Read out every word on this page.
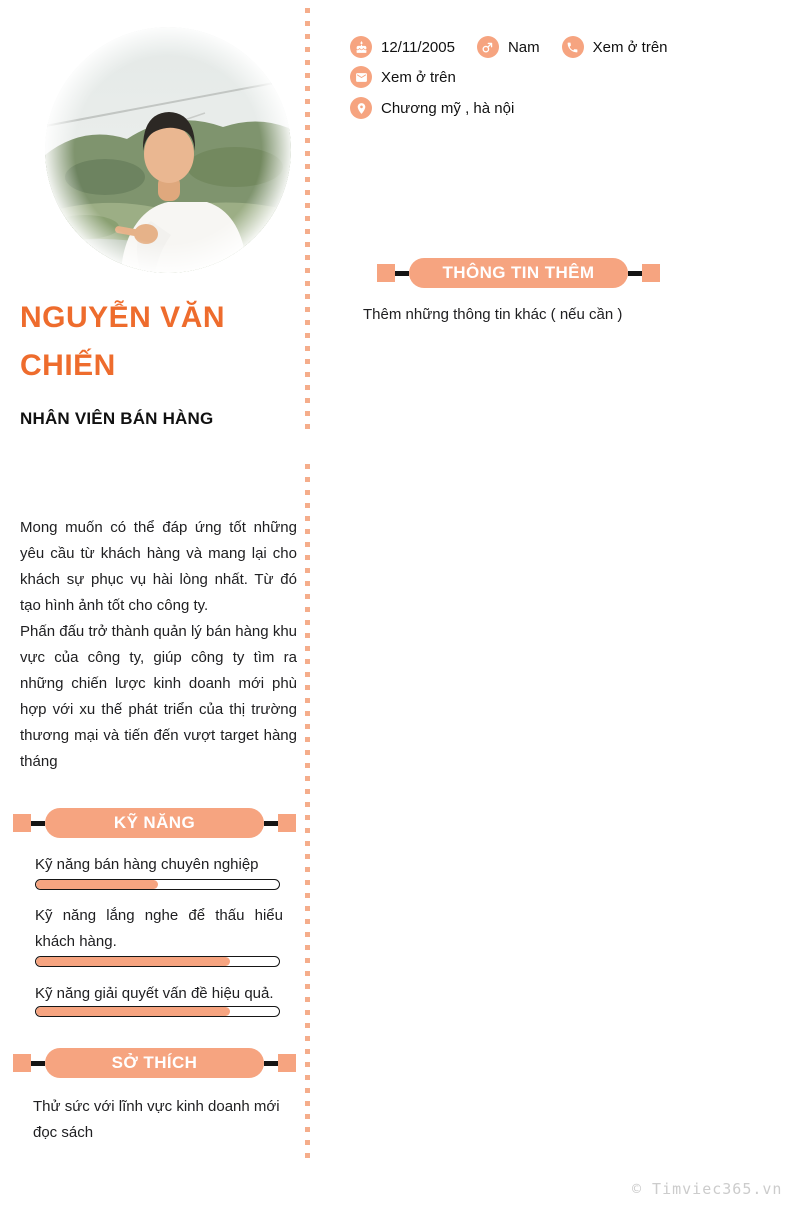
NGUYỄN VĂN CHIẾN
NHÂN VIÊN BÁN HÀNG

Mong muốn có thể đáp ứng tốt những yêu cầu từ khách hàng và mang lại cho khách sự phục vụ hài lòng nhất. Từ đó tạo hình ảnh tốt cho công ty.

Phấn đấu trở thành quản lý bán hàng khu vực của công ty, giúp công ty tìm ra những chiến lược kinh doanh mới phù hợp với xu thế phát triển của thị trường thương mại và tiến đến vượt target hàng tháng

KỸ NĂNG
Kỹ năng bán hàng chuyên nghiệp
Kỹ năng lắng nghe để thấu hiểu khách hàng.
Kỹ năng giải quyết vấn đề hiệu quả.
SỞ THÍCH
Thử sức với lĩnh vực kinh doanh mới
đọc sách
12/11/2005	Nam	Xem ở trên
Xem ở trên
Chương mỹ , hà nội
THÔNG TIN THÊM
Thêm những thông tin khác ( nếu cần )
© Timviec365.vn
